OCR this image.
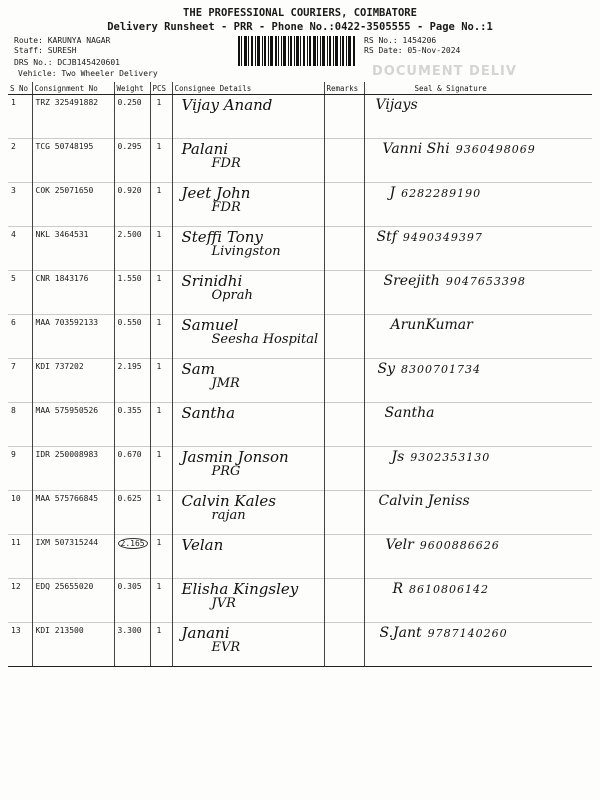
THE PROFESSIONAL COURIERS, COIMBATORE
Delivery Runsheet - PRR - Phone No.:0422-3505555 - Page No.:1
Route: KARUNYA NAGAR
Staff: SURESH
DRS No.: DCJB145420601
Vehicle: Two Wheeler Delivery
RS No.: 1454206
RS Date: 05-Nov-2024
DOCUMENT DELIV
S No	Consignment No	Weight	PCS	Consignee Details	Remarks	Seal & Signature
1	TRZ 325491882	0.250	1	Vijay Anand		Vijays

2	TCG 50748195	0.295	1	Palani
FDR		Vanni Shi 9360498069

3	COK 25071650	0.920	1	Jeet John
FDR		J 6282289190

4	NKL 3464531	2.500	1	Steffi Tony
Livingston		Stf 9490349397

5	CNR 1843176	1.550	1	Srinidhi
Oprah		Sreejith 9047653398

6	MAA 703592133	0.550	1	Samuel
Seesha Hospital		ArunKumar

7	KDI 737202	2.195	1	Sam
JMR		Sy 8300701734

8	MAA 575950526	0.355	1	Santha		Santha

9	IDR 250008983	0.670	1	Jasmin Jonson
PRG		Js 9302353130

10	MAA 575766845	0.625	1	Calvin Kales
rajan		Calvin Jeniss

11	IXM 507315244	2.165	1	Velan		Velr 9600886626

12	EDQ 25655020	0.305	1	Elisha Kingsley
JVR		R 8610806142

13	KDI 213500	3.300	1	Janani
EVR		S.Jant 9787140260
